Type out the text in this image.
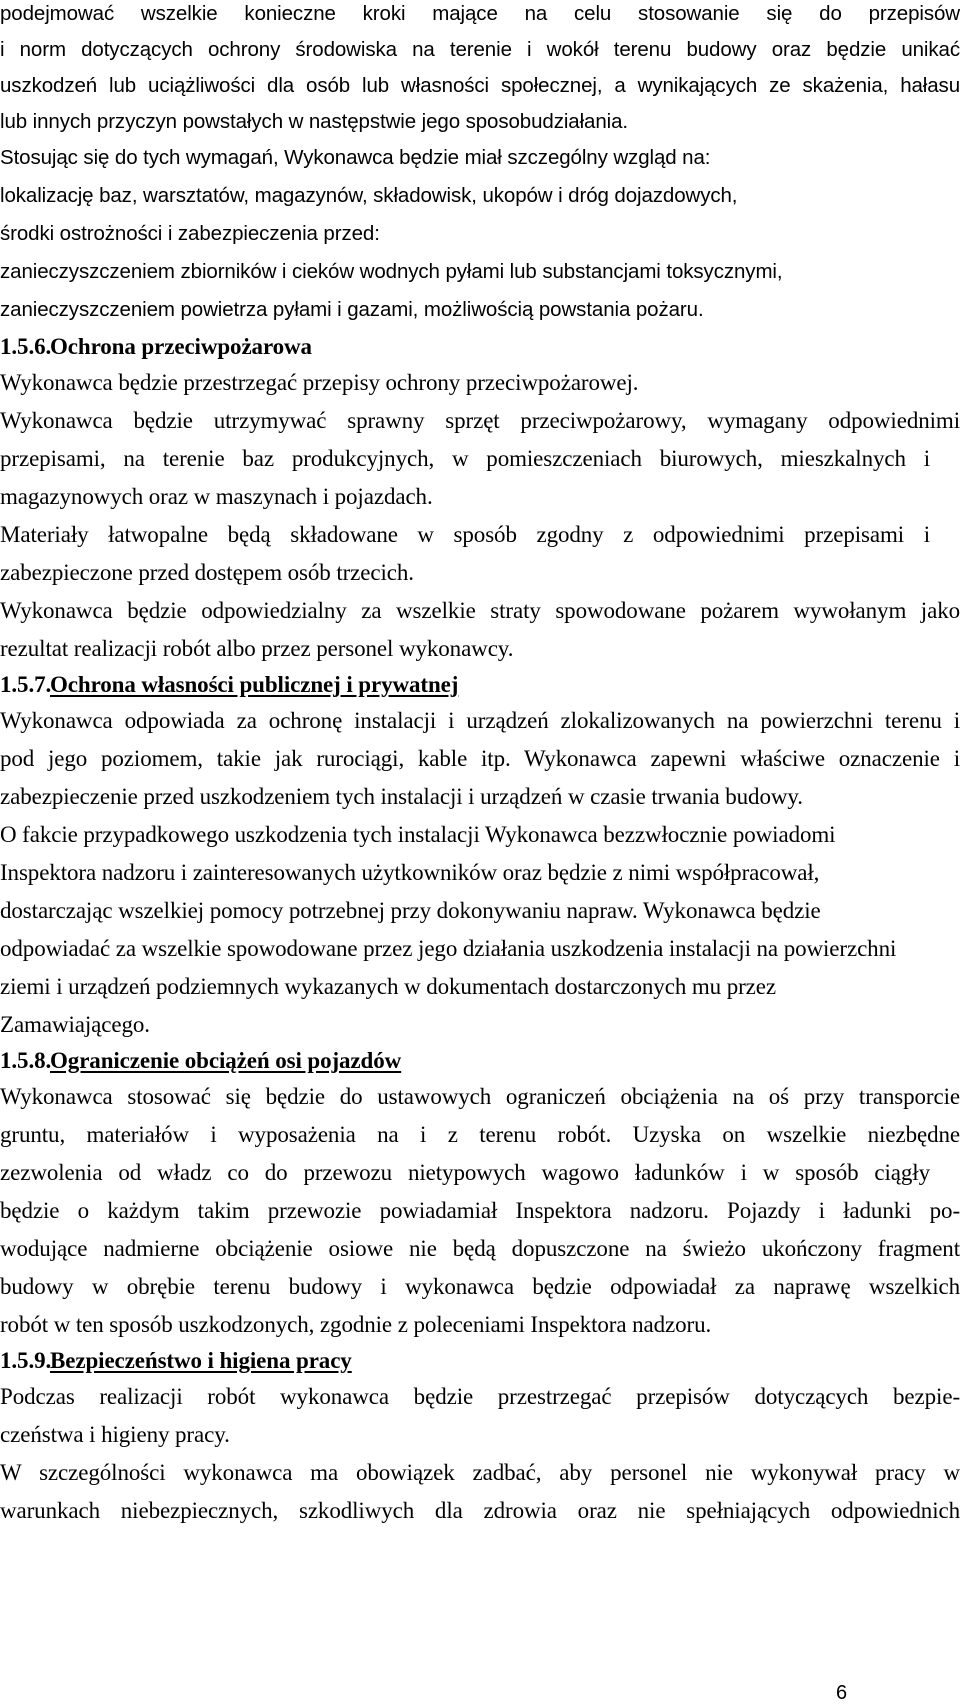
podejmować wszelkie konieczne kroki mające na celu stosowanie się do przepisów

i norm dotyczących ochrony środowiska na terenie i wokół terenu budowy oraz będzie unikać

uszkodzeń lub uciążliwości dla osób lub własności społecznej, a wynikających ze skażenia, hałasu

lub innych przyczyn powstałych w następstwie jego sposobudziałania.

Stosując się do tych wymagań, Wykonawca będzie miał szczególny wzgląd na:

lokalizację baz, warsztatów, magazynów, składowisk, ukopów i dróg dojazdowych,

środki ostrożności i zabezpieczenia przed:

zanieczyszczeniem zbiorników i cieków wodnych pyłami lub substancjami toksycznymi,

zanieczyszczeniem powietrza pyłami i gazami, możliwością powstania pożaru.

1.5.6.Ochrona przeciwpożarowa

Wykonawca będzie przestrzegać przepisy ochrony przeciwpożarowej.

Wykonawca będzie utrzymywać sprawny sprzęt przeciwpożarowy, wymagany odpowiednimi

przepisami, na terenie baz produkcyjnych, w pomieszczeniach biurowych, mieszkalnych i

magazynowych oraz w maszynach i pojazdach.

Materiały łatwopalne będą składowane w sposób zgodny z odpowiednimi przepisami i

zabezpieczone przed dostępem osób trzecich.

Wykonawca będzie odpowiedzialny za wszelkie straty spowodowane pożarem wywołanym jako

rezultat realizacji robót albo przez personel wykonawcy.

1.5.7.Ochrona własności publicznej i prywatnej

Wykonawca odpowiada za ochronę instalacji i urządzeń zlokalizowanych na powierzchni terenu i

pod jego poziomem, takie jak rurociągi, kable itp. Wykonawca zapewni właściwe oznaczenie i

zabezpieczenie przed uszkodzeniem tych instalacji i urządzeń w czasie trwania budowy.

O fakcie przypadkowego uszkodzenia tych instalacji Wykonawca bezzwłocznie powiadomi

Inspektora nadzoru i zainteresowanych użytkowników oraz będzie z nimi współpracował,

dostarczając wszelkiej pomocy potrzebnej przy dokonywaniu napraw. Wykonawca będzie

odpowiadać za wszelkie spowodowane przez jego działania uszkodzenia instalacji na powierzchni

ziemi i urządzeń podziemnych wykazanych w dokumentach dostarczonych mu przez

Zamawiającego.

1.5.8.Ograniczenie obciążeń osi pojazdów

Wykonawca stosować się będzie do ustawowych ograniczeń obciążenia na oś przy transporcie

gruntu, materiałów i wyposażenia na i z terenu robót. Uzyska on wszelkie niezbędne

zezwolenia od władz co do przewozu nietypowych wagowo ładunków i w sposób ciągły

będzie o każdym takim przewozie powiadamiał Inspektora nadzoru. Pojazdy i ładunki po-

wodujące nadmierne obciążenie osiowe nie będą dopuszczone na świeżo ukończony fragment

budowy w obrębie terenu budowy i wykonawca będzie odpowiadał za naprawę wszelkich

robót w ten sposób uszkodzonych, zgodnie z poleceniami Inspektora nadzoru.

1.5.9.Bezpieczeństwo i higiena pracy

Podczas realizacji robót wykonawca będzie przestrzegać przepisów dotyczących bezpie-

czeństwa i higieny pracy.

W szczególności wykonawca ma obowiązek zadbać, aby personel nie wykonywał pracy w

warunkach niebezpiecznych, szkodliwych dla zdrowia oraz nie spełniających odpowiednich

6
